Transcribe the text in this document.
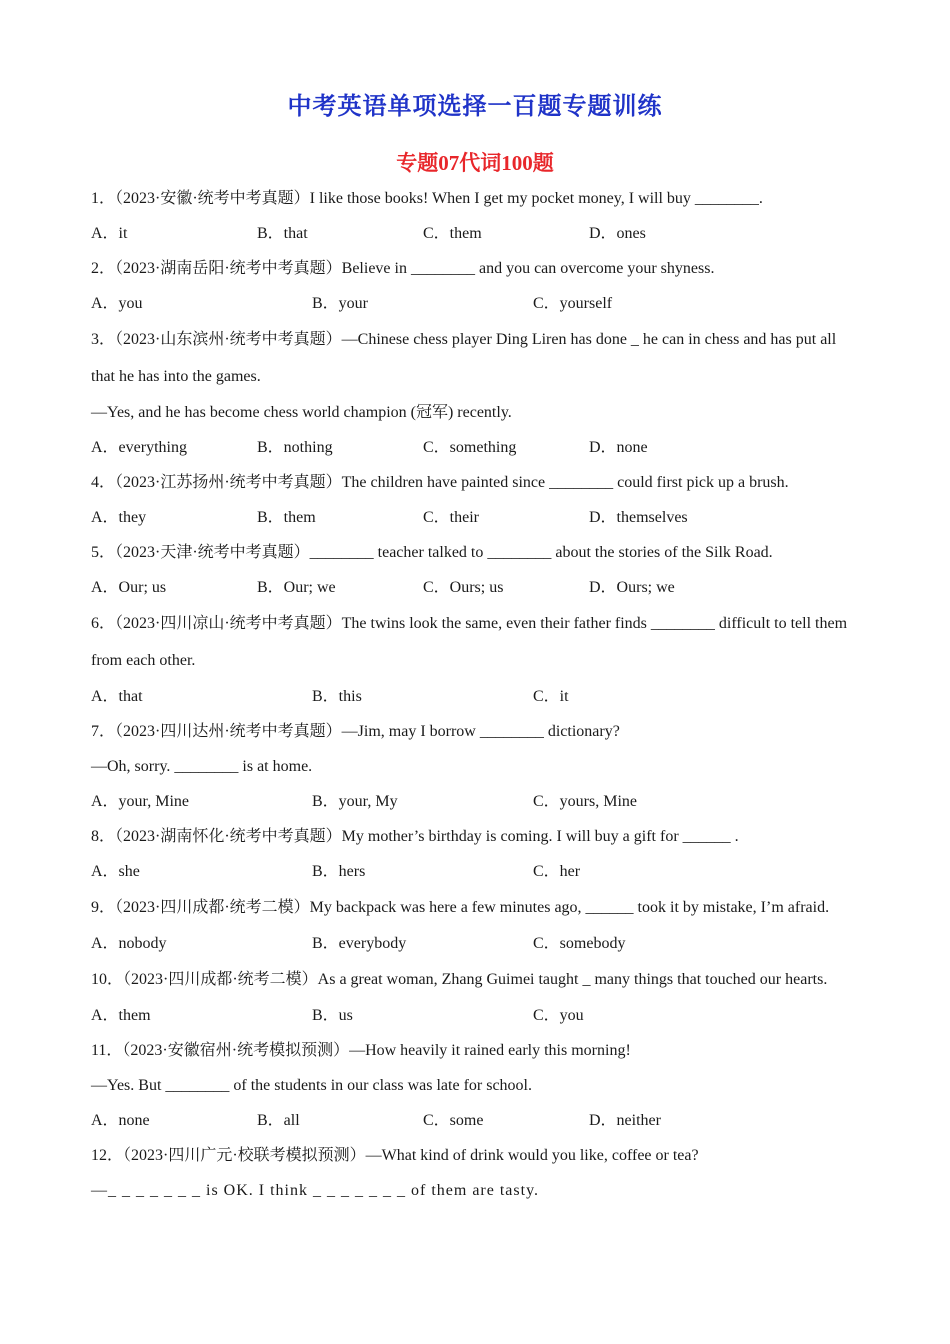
中考英语单项选择一百题专题训练
专题07代词100题
1．（2023·安徽·统考中考真题）I like those books! When I get my pocket money, I will buy ________.
A．it	B．that	C．them	D．ones
2．（2023·湖南岳阳·统考中考真题）Believe in ________ and you can overcome your shyness.
A．you	B．your	C．yourself
3．（2023·山东滨州·统考中考真题）—Chinese chess player Ding Liren has done _ he can in chess and has put all that he has into the games.
—Yes, and he has become chess world champion (冠军) recently.
A．everything	B．nothing	C．something	D．none
4．（2023·江苏扬州·统考中考真题）The children have painted since ________ could first pick up a brush.
A．they	B．them	C．their	D．themselves
5．（2023·天津·统考中考真题）________ teacher talked to ________ about the stories of the Silk Road.
A．Our; us	B．Our; we	C．Ours; us	D．Ours; we
6．（2023·四川凉山·统考中考真题）The twins look the same, even their father finds ________ difficult to tell them from each other.
A．that	B．this	C．it
7．（2023·四川达州·统考中考真题）—Jim, may I borrow ________ dictionary?
—Oh, sorry. ________ is at home.
A．your, Mine	B．your, My	C．yours, Mine
8．（2023·湖南怀化·统考中考真题）My mother’s birthday is coming. I will buy a gift for ______ .
A．she	B．hers	C．her
9．（2023·四川成都·统考二模）My backpack was here a few minutes ago, ______ took it by mistake, I’m afraid.
A．nobody	B．everybody	C．somebody
10．（2023·四川成都·统考二模）As a great woman, Zhang Guimei taught _ many things that touched our hearts.
A．them	B．us	C．you
11．（2023·安徽宿州·统考模拟预测）—How heavily it rained early this morning!
—Yes. But ________ of the students in our class was late for school.
A．none	B．all	C．some	D．neither
12．（2023·四川广元·校联考模拟预测）—What kind of drink would you like, coffee or tea?
—_ _ _ _ _ _ _ is OK. I think _ _ _ _ _ _ _ of them are tasty.
